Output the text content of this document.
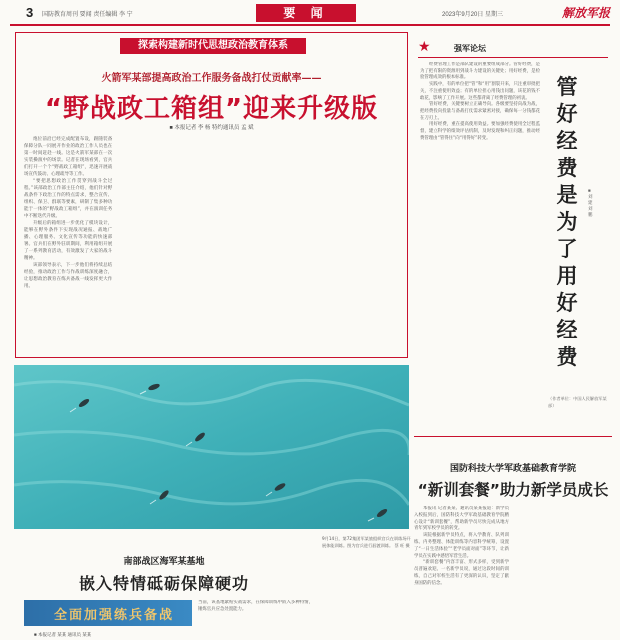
3 国防教育周刊 要闻 责任编辑 李 宁	要 闻	2023年9月20日 星期三	解放军报
探索构建新时代思想政治教育体系
火箭军某部提高政治工作服务备战打仗贡献率——
“野战政工箱组”迎来升级版
■ 本报记者 李 杨 特约通讯员 孟 斌

炮位前沿已经完成配置布设，跟随装备保障分队一同展开作业的政治工作人员也在第一时间赶赴一线。这是火箭军某部在一次实装操演中的场景。记者在现场看到，官兵们打开一个个“野战政工箱组”，迅速开展战场宣传鼓动、心理疏导等工作。

“要把思想政治工作贯穿到战斗全过程。”该部政治工作部主任介绍，他们针对野战条件下政治工作的特点需求，整合宣传、组织、保卫、群联等要素，研制了集多种功能于一体的“野战政工箱组”，并在演训任务中不断迭代升级。

升级后的箱组进一步优化了模块设计，能够在野外条件下实现战况通报、战地广播、心理服务、文化宣传等功能的快速部署。官兵们在野外驻训期间，利用箱组开展了一系列教育活动，有效激发了大家的战斗精神。

该部领导表示，下一步他们将持续总结经验，推动政治工作与作战训练深度融合，让思想政治教育在练兵备战一线发挥更大作用。

★	强军论坛

经费管理工作是部队建设的重要组成部分。管好经费，是为了把有限的资源用到战斗力建设的关键处；用好经费，是检验管理成效的根本标准。

实践中，有的单位把“管”和“用”割裂开来，只注重审批把关，不注重使用效益；有的单位担心用钱出问题，该花的钱不敢花，影响了工作开展。这些都背离了经费管理的初衷。

管好经费，关键要树立正确导向。各级要坚持向战为战，把经费投向投量与备战打仗需求紧密对接，确保每一分钱都花在刀刃上。

用好经费，重在提高使用效益。要加强经费使用全过程监督，建立科学的绩效评估机制，及时发现和纠正问题，推动经费管理由“管得住”向“用得好”转变。

管好经费是为了用好经费
■ 刘 建 刘 鹏
（作者单位：中国人民解放军某部）
9月14日，第72集团军某旅组织官兵在训练场开展体能训练。图为官兵进行泅渡训练。 蔡 旺 摄
国防科技大学军政基础教育学院
“新训套餐”助力新学员成长

本报讯 记者某某、通讯员某某报道：新学员入校报到后，国防科技大学军政基础教育学院精心设计“新训套餐”，帮助新学员尽快完成从地方青年到军校学员的转变。

该院根据新学员特点，将入学教育、队列训练、内务整理、体能训练等内容科学统筹，设置了“一日生活体验”“老学员面对面”等环节，让新学员在实践中感悟军营生活。

“新训套餐”内容丰富、形式多样，受到新学员普遍欢迎。一名新学员说，通过这段时间的训练，自己对军校生活有了更深的认识，坚定了献身国防的信念。

南部战区海军某基地
嵌入特情砥砺保障硬功
全面加强练兵备战
■ 本报记者 某某 通讯员 某某
当前，该基地紧贴实战需求，在保障训练中嵌入多种特情，锤炼官兵应急处置能力。
